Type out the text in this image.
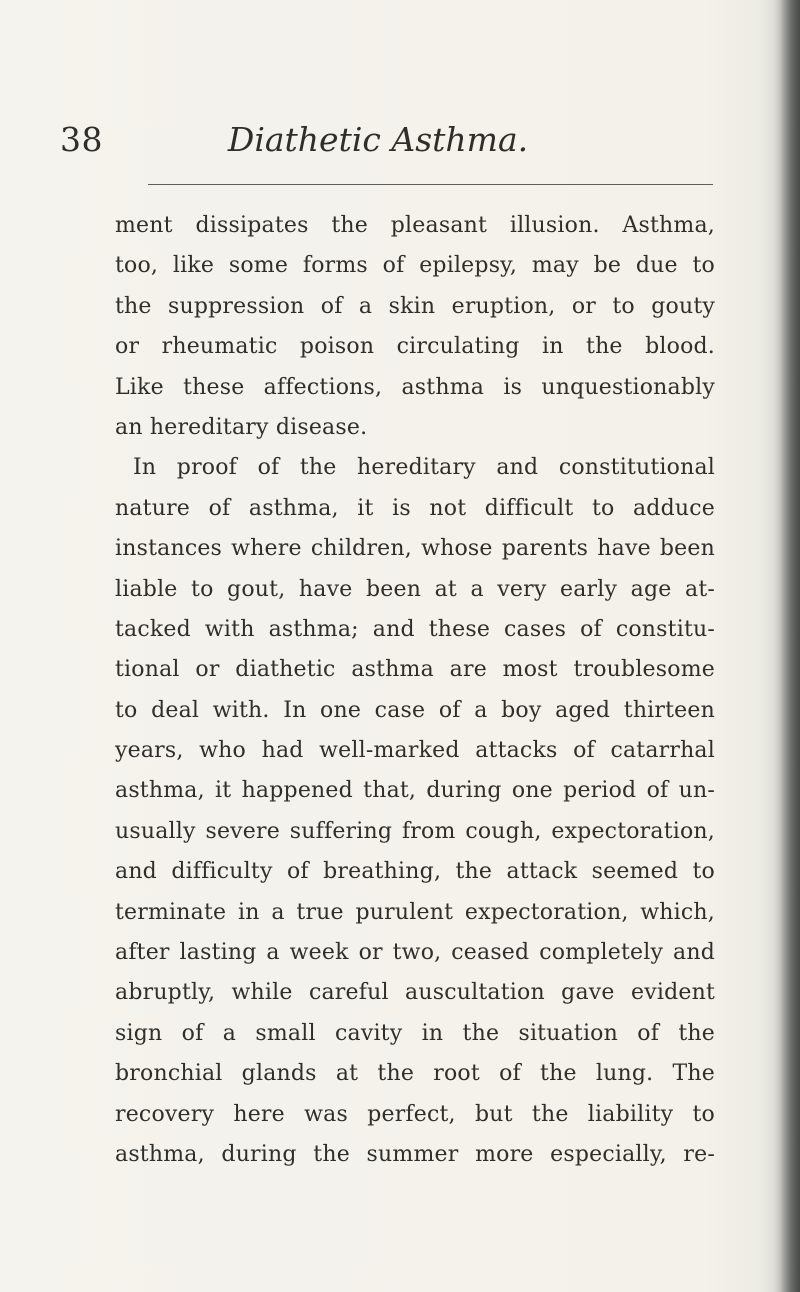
38	Diathetic Asthma.
ment dissipates the pleasant illusion. Asthma,
too, like some forms of epilepsy, may be due to
the suppression of a skin eruption, or to gouty
or rheumatic poison circulating in the blood.
Like these affections, asthma is unquestionably
an hereditary disease.
In proof of the hereditary and constitutional
nature of asthma, it is not difficult to adduce
instances where children, whose parents have been
liable to gout, have been at a very early age at-
tacked with asthma; and these cases of constitu-
tional or diathetic asthma are most troublesome
to deal with. In one case of a boy aged thirteen
years, who had well-marked attacks of catarrhal
asthma, it happened that, during one period of un-
usually severe suffering from cough, expectoration,
and difficulty of breathing, the attack seemed to
terminate in a true purulent expectoration, which,
after lasting a week or two, ceased completely and
abruptly, while careful auscultation gave evident
sign of a small cavity in the situation of the
bronchial glands at the root of the lung. The
recovery here was perfect, but the liability to
asthma, during the summer more especially, re-
